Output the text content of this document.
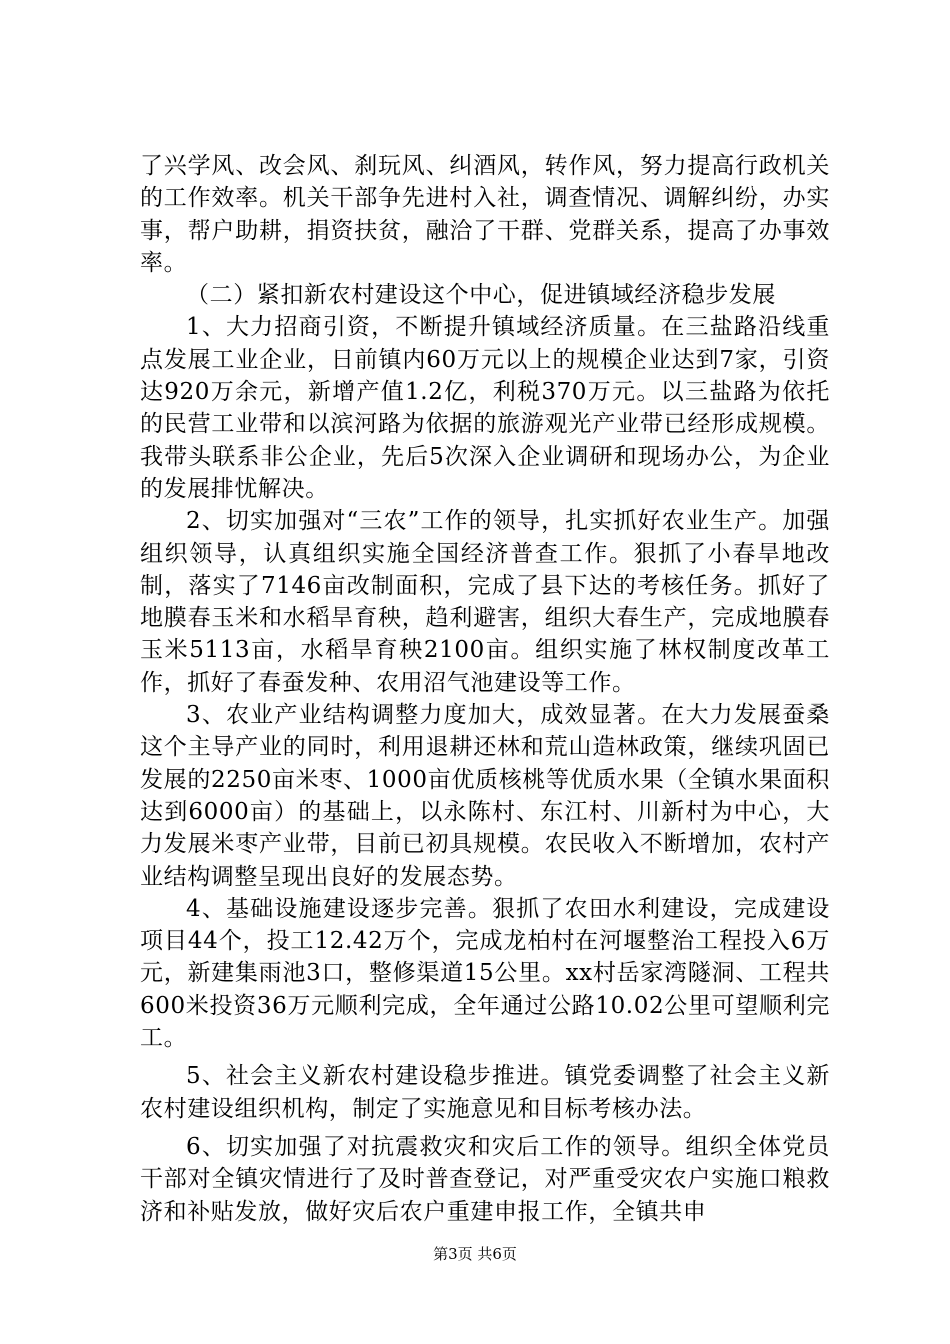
了兴学风、改会风、刹玩风、纠酒风，转作风，努力提高行政机关的工作效率。机关干部争先进村入社，调查情况、调解纠纷，办实事，帮户助耕，捐资扶贫，融洽了干群、党群关系，提高了办事效率。

（二）紧扣新农村建设这个中心，促进镇域经济稳步发展

1、大力招商引资，不断提升镇域经济质量。在三盐路沿线重点发展工业企业，日前镇内60万元以上的规模企业达到7家，引资达920万余元，新增产值1.2亿，利税370万元。以三盐路为依托的民营工业带和以滨河路为依据的旅游观光产业带已经形成规模。我带头联系非公企业，先后5次深入企业调研和现场办公，为企业的发展排忧解决。

2、切实加强对“三农”工作的领导，扎实抓好农业生产。加强组织领导，认真组织实施全国经济普查工作。狠抓了小春旱地改制，落实了7146亩改制面积，完成了县下达的考核任务。抓好了地膜春玉米和水稻旱育秧，趋利避害，组织大春生产，完成地膜春玉米5113亩，水稻旱育秧2100亩。组织实施了林权制度改革工作，抓好了春蚕发种、农用沼气池建设等工作。

3、农业产业结构调整力度加大，成效显著。在大力发展蚕桑这个主导产业的同时，利用退耕还林和荒山造林政策，继续巩固已发展的2250亩米枣、1000亩优质核桃等优质水果（全镇水果面积达到6000亩）的基础上，以永陈村、东江村、川新村为中心，大力发展米枣产业带，目前已初具规模。农民收入不断增加，农村产业结构调整呈现出良好的发展态势。

4、基础设施建设逐步完善。狠抓了农田水利建设，完成建设项目44个，投工12.42万个，完成龙柏村在河堰整治工程投入6万元，新建集雨池3口，整修渠道15公里。xx村岳家湾隧洞、工程共600米投资36万元顺利完成，全年通过公路10.02公里可望顺利完工。

5、社会主义新农村建设稳步推进。镇党委调整了社会主义新农村建设组织机构，制定了实施意见和目标考核办法。

6、切实加强了对抗震救灾和灾后工作的领导。组织全体党员干部对全镇灾情进行了及时普查登记，对严重受灾农户实施口粮救济和补贴发放，做好灾后农户重建申报工作，全镇共申

第3页 共6页
